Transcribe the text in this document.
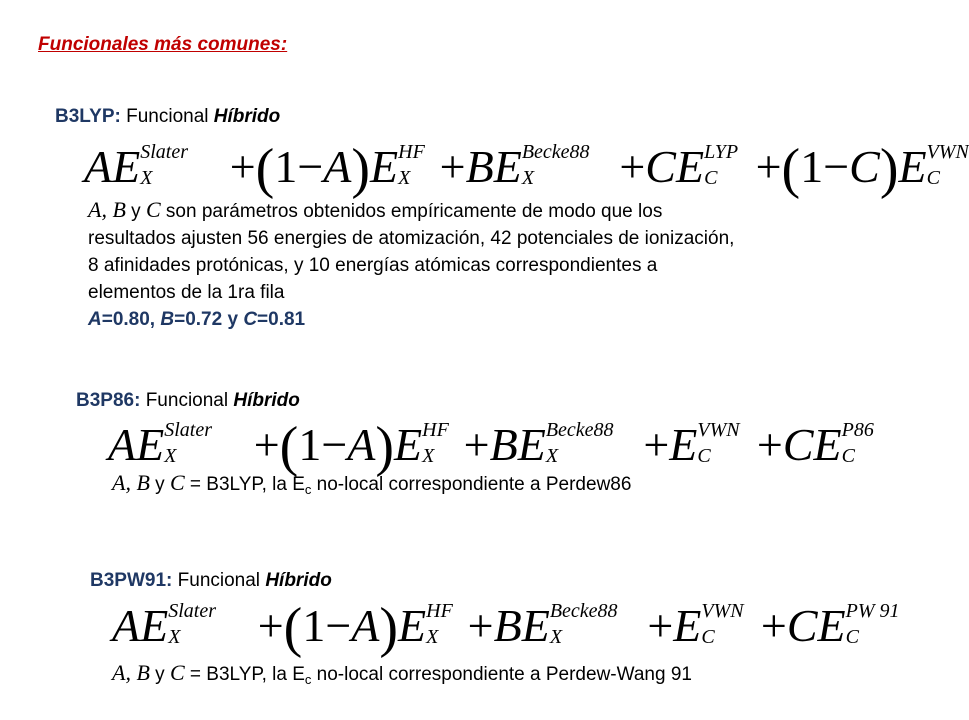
Funcionales más comunes:
B3LYP: Funcional Híbrido
AE Slater
X +(1−A)E HF
X +BE Becke88
X +CE LYP
C +(1−C)E VWN
C
A, B y C son parámetros obtenidos empíricamente de modo que los
resultados ajusten 56 energies de atomización, 42 potenciales de ionización,
8 afinidades protónicas, y 10 energías atómicas correspondientes a
elementos de la 1ra fila
A=0.80, B=0.72 y C=0.81
B3P86: Funcional Híbrido
AE Slater
X +(1−A)E HF
X +BE Becke88
X +E VWN
C +CE P86
C
A, B y C = B3LYP, la $E_c$ no-local correspondiente a Perdew86
B3PW91: Funcional Híbrido
AE Slater
X +(1−A)E HF
X +BE Becke88
X +E VWN
C +CE PW 91
C
A, B y C = B3LYP, la $E_c$ no-local correspondiente a Perdew-Wang 91
